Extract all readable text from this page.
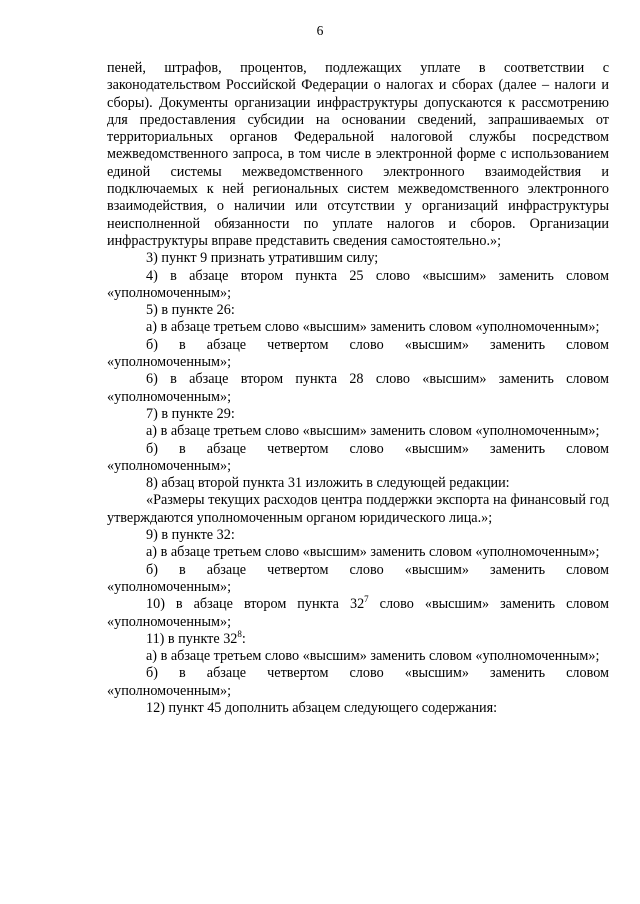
6

пеней, штрафов, процентов, подлежащих уплате в соответствии с законодательством Российской Федерации о налогах и сборах (далее – налоги и сборы). Документы организации инфраструктуры допускаются к рассмотрению для предоставления субсидии на основании сведений, запрашиваемых от территориальных органов Федеральной налоговой службы посредством межведомственного запроса, в том числе в электронной форме с использованием единой системы межведомственного электронного взаимодействия и подключаемых к ней региональных систем межведомственного электронного взаимодействия, о наличии или отсутствии у организаций инфраструктуры неисполненной обязанности по уплате налогов и сборов. Организации инфраструктуры вправе представить сведения самостоятельно.»;

3) пункт 9 признать утратившим силу;

4) в абзаце втором пункта 25 слово «высшим» заменить словом «уполномоченным»;

5) в пункте 26:

а) в абзаце третьем слово «высшим» заменить словом «уполномоченным»;

б) в абзаце четвертом слово «высшим» заменить словом «уполномоченным»;

6) в абзаце втором пункта 28 слово «высшим» заменить словом «уполномоченным»;

7) в пункте 29:

а) в абзаце третьем слово «высшим» заменить словом «уполномоченным»;

б) в абзаце четвертом слово «высшим» заменить словом «уполномоченным»;

8) абзац второй пункта 31 изложить в следующей редакции:

«Размеры текущих расходов центра поддержки экспорта на финансовый год утверждаются уполномоченным органом юридического лица.»;

9) в пункте 32:

а) в абзаце третьем слово «высшим» заменить словом «уполномоченным»;

б) в абзаце четвертом слово «высшим» заменить словом «уполномоченным»;

10) в абзаце втором пункта $32^7$ слово «высшим» заменить словом «уполномоченным»;

11) в пункте $32^8$:

а) в абзаце третьем слово «высшим» заменить словом «уполномоченным»;

б) в абзаце четвертом слово «высшим» заменить словом «уполномоченным»;

12) пункт 45 дополнить абзацем следующего содержания:
